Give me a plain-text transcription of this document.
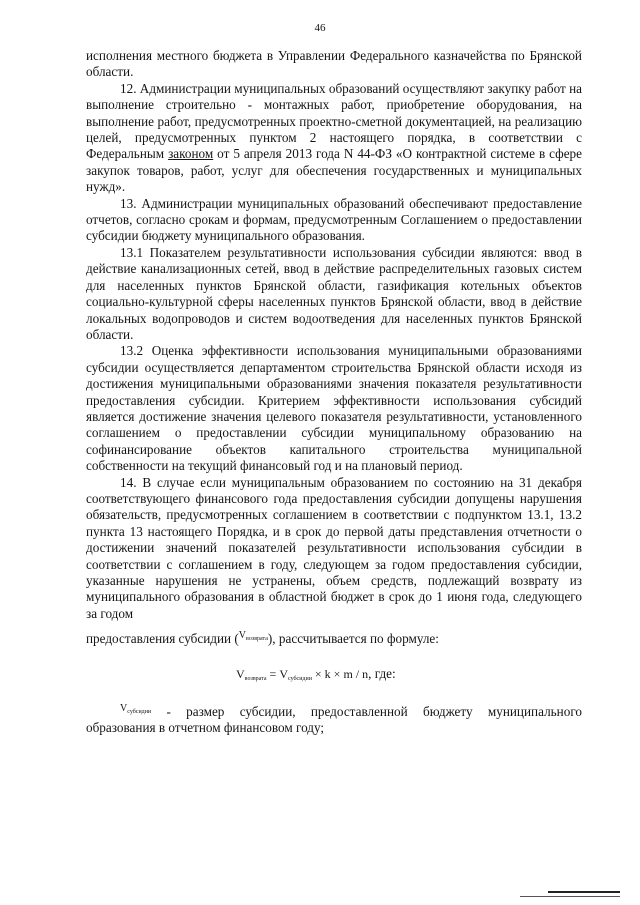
46

исполнения местного бюджета в Управлении Федерального казначейства по Брянской области.

12. Администрации муниципальных образований осуществляют закупку работ на выполнение строительно - монтажных работ, приобретение оборудования, на выполнение работ, предусмотренных проектно-сметной документацией, на реализацию целей, предусмотренных пунктом 2 настоящего порядка, в соответствии с Федеральным законом от 5 апреля 2013 года N 44-ФЗ «О контрактной системе в сфере закупок товаров, работ, услуг для обеспечения государственных и муниципальных нужд».

13. Администрации муниципальных образований обеспечивают предоставление отчетов, согласно срокам и формам, предусмотренным Соглашением о предоставлении субсидии бюджету муниципального образования.

13.1 Показателем результативности использования субсидии являются: ввод в действие канализационных сетей, ввод в действие распределительных газовых систем для населенных пунктов Брянской области, газификация котельных объектов социально-культурной сферы населенных пунктов Брянской области, ввод в действие локальных водопроводов и систем водоотведения для населенных пунктов Брянской области.

13.2 Оценка эффективности использования муниципальными образованиями субсидии осуществляется департаментом строительства Брянской области исходя из достижения муниципальными образованиями значения показателя результативности предоставления субсидии. Критерием эффективности использования субсидий является достижение значения целевого показателя результативности, установленного соглашением о предоставлении субсидии муниципальному образованию на софинансирование объектов капитального строительства муниципальной собственности на текущий финансовый год и на плановый период.

14. В случае если муниципальным образованием по состоянию на 31 декабря соответствующего финансового года предоставления субсидии допущены нарушения обязательств, предусмотренных соглашением в соответствии с подпунктом 13.1, 13.2 пункта 13 настоящего Порядка, и в срок до первой даты представления отчетности о достижении значений показателей результативности использования субсидии в соответствии с соглашением в году, следующем за годом предоставления субсидии, указанные нарушения не устранены, объем средств, подлежащий возврату из муниципального образования в областной бюджет в срок до 1 июня года, следующего за годом

предоставления субсидии ($^{V_{возврата}}$), рассчитывается по формуле:

$V_{возврата} = V_{субсидии} \times k \times m / n$, где:

$^{V_{субсидии}}$ - размер субсидии, предоставленной бюджету муниципального образования в отчетном финансовом году;
